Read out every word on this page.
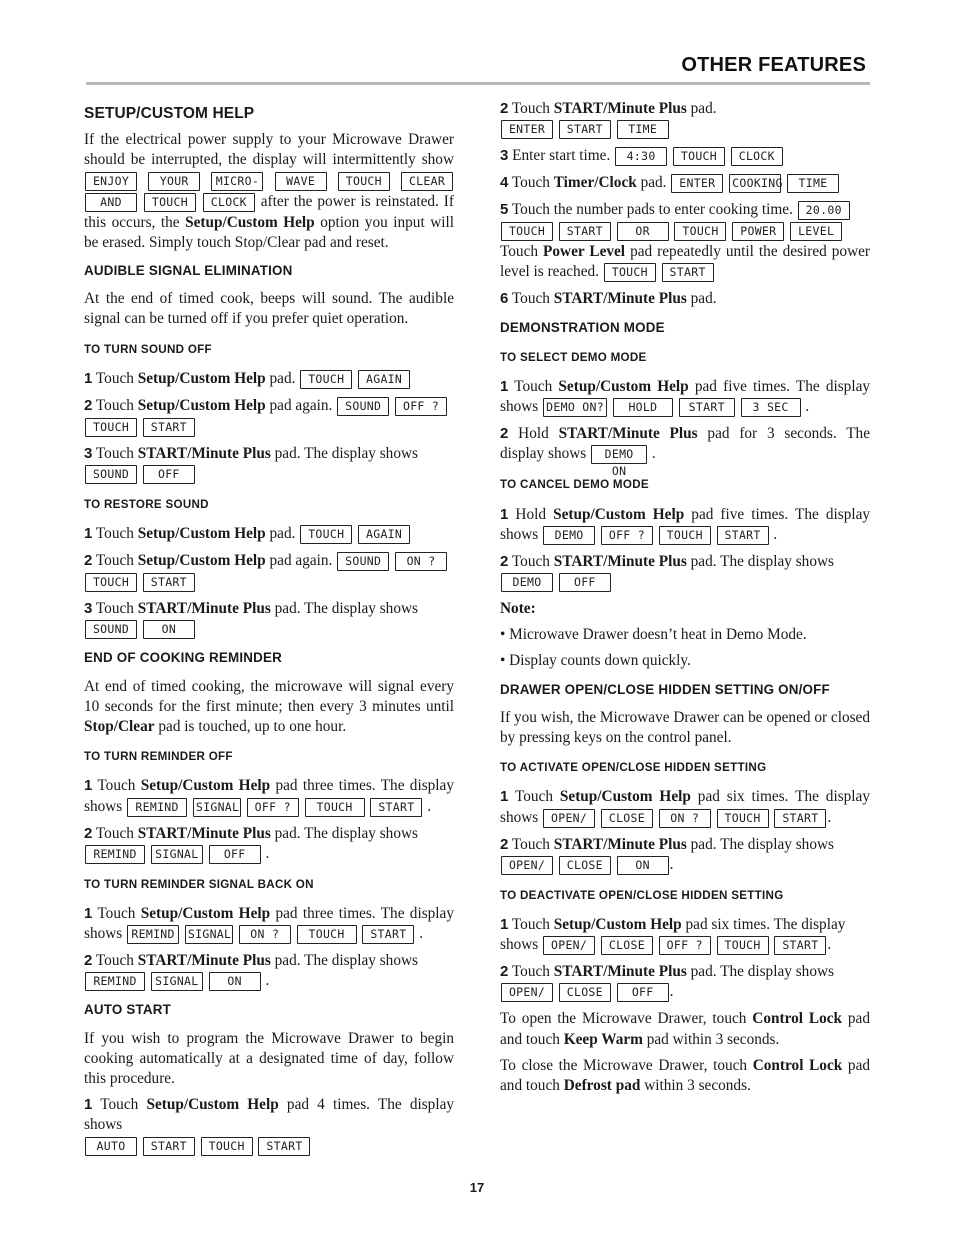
OTHER FEATURES
SETUP/CUSTOM HELP

If the electrical power supply to your Microwave Drawer should be interrupted, the display will intermittently show ENJOY	YOUR MICRO- WAVE	TOUCH CLEAR AND	TOUCH CLOCK after the power is reinstated. If this occurs, the Setup/Custom Help option you input will be erased. Simply touch Stop/Clear pad and reset.

AUDIBLE SIGNAL ELIMINATION

At the end of timed cook, beeps will sound. The audible signal can be turned off if you prefer quiet operation.

TO TURN SOUND OFF
1 Touch Setup/Custom Help pad. TOUCH AGAIN
2 Touch Setup/Custom Help pad again. SOUND OFF ?
TOUCH START
3 Touch START/Minute Plus pad. The display shows
SOUND	OFF
TO RESTORE SOUND
1 Touch Setup/Custom Help pad. TOUCH AGAIN
2 Touch Setup/Custom Help pad again. SOUND ON ?
TOUCH START
3 Touch START/Minute Plus pad. The display shows
SOUND	ON
END OF COOKING REMINDER

At end of timed cooking, the microwave will signal every 10 seconds for the first minute; then every 3 minutes until Stop/Clear pad is touched, up to one hour.

TO TURN REMINDER OFF
1 Touch Setup/Custom Help pad three times. The display shows REMIND SIGNAL OFF ? TOUCH START .
2 Touch START/Minute Plus pad. The display shows
REMIND SIGNAL OFF .
TO TURN REMINDER SIGNAL BACK ON
1 Touch Setup/Custom Help pad three times. The display shows REMIND SIGNAL ON ?	TOUCH START .
2 Touch START/Minute Plus pad. The display shows
REMIND SIGNAL	ON .
AUTO START

If you wish to program the Microwave Drawer to begin cooking automatically at a designated time of day, follow this procedure.

1 Touch Setup/Custom Help pad 4 times. The display shows
AUTO START TOUCH START
2 Touch START/Minute Plus pad.
ENTER START TIME
3 Enter start time. 4:30 TOUCH CLOCK
4 Touch Timer/Clock pad. ENTER COOKING TIME
5 Touch the number pads to enter cooking time. 20.00
TOUCH START	OR	TOUCH POWER LEVEL
Touch Power Level pad repeatedly until the desired power level is reached. TOUCH START
6 Touch START/Minute Plus pad.
DEMONSTRATION MODE
TO SELECT DEMO MODE
1 Touch Setup/Custom Help pad five times. The display shows DEMO ON? HOLD	START 3 SEC .
2 Hold START/Minute Plus pad for 3 seconds. The display shows DEMO ON .
TO CANCEL DEMO MODE
1 Hold Setup/Custom Help pad five times. The display shows DEMO OFF ? TOUCH START .
2 Touch START/Minute Plus pad. The display shows
DEMO	OFF

Note:

• Microwave Drawer doesn’t heat in Demo Mode.

• Display counts down quickly.

DRAWER OPEN/CLOSE HIDDEN SETTING ON/OFF

If you wish, the Microwave Drawer can be opened or closed by pressing keys on the control panel.

TO ACTIVATE OPEN/CLOSE HIDDEN SETTING
1 Touch Setup/Custom Help pad six times. The display shows OPEN/ CLOSE ON ? TOUCH START .
2 Touch START/Minute Plus pad. The display shows
OPEN/ CLOSE	ON .
TO DEACTIVATE OPEN/CLOSE HIDDEN SETTING
1 Touch Setup/Custom Help pad six times. The display
shows OPEN/ CLOSE OFF ? TOUCH START .
2 Touch START/Minute Plus pad. The display shows
OPEN/ CLOSE	OFF .

To open the Microwave Drawer, touch Control Lock pad and touch Keep Warm pad within 3 seconds.

To close the Microwave Drawer, touch Control Lock pad and touch Defrost pad within 3 seconds.

17
